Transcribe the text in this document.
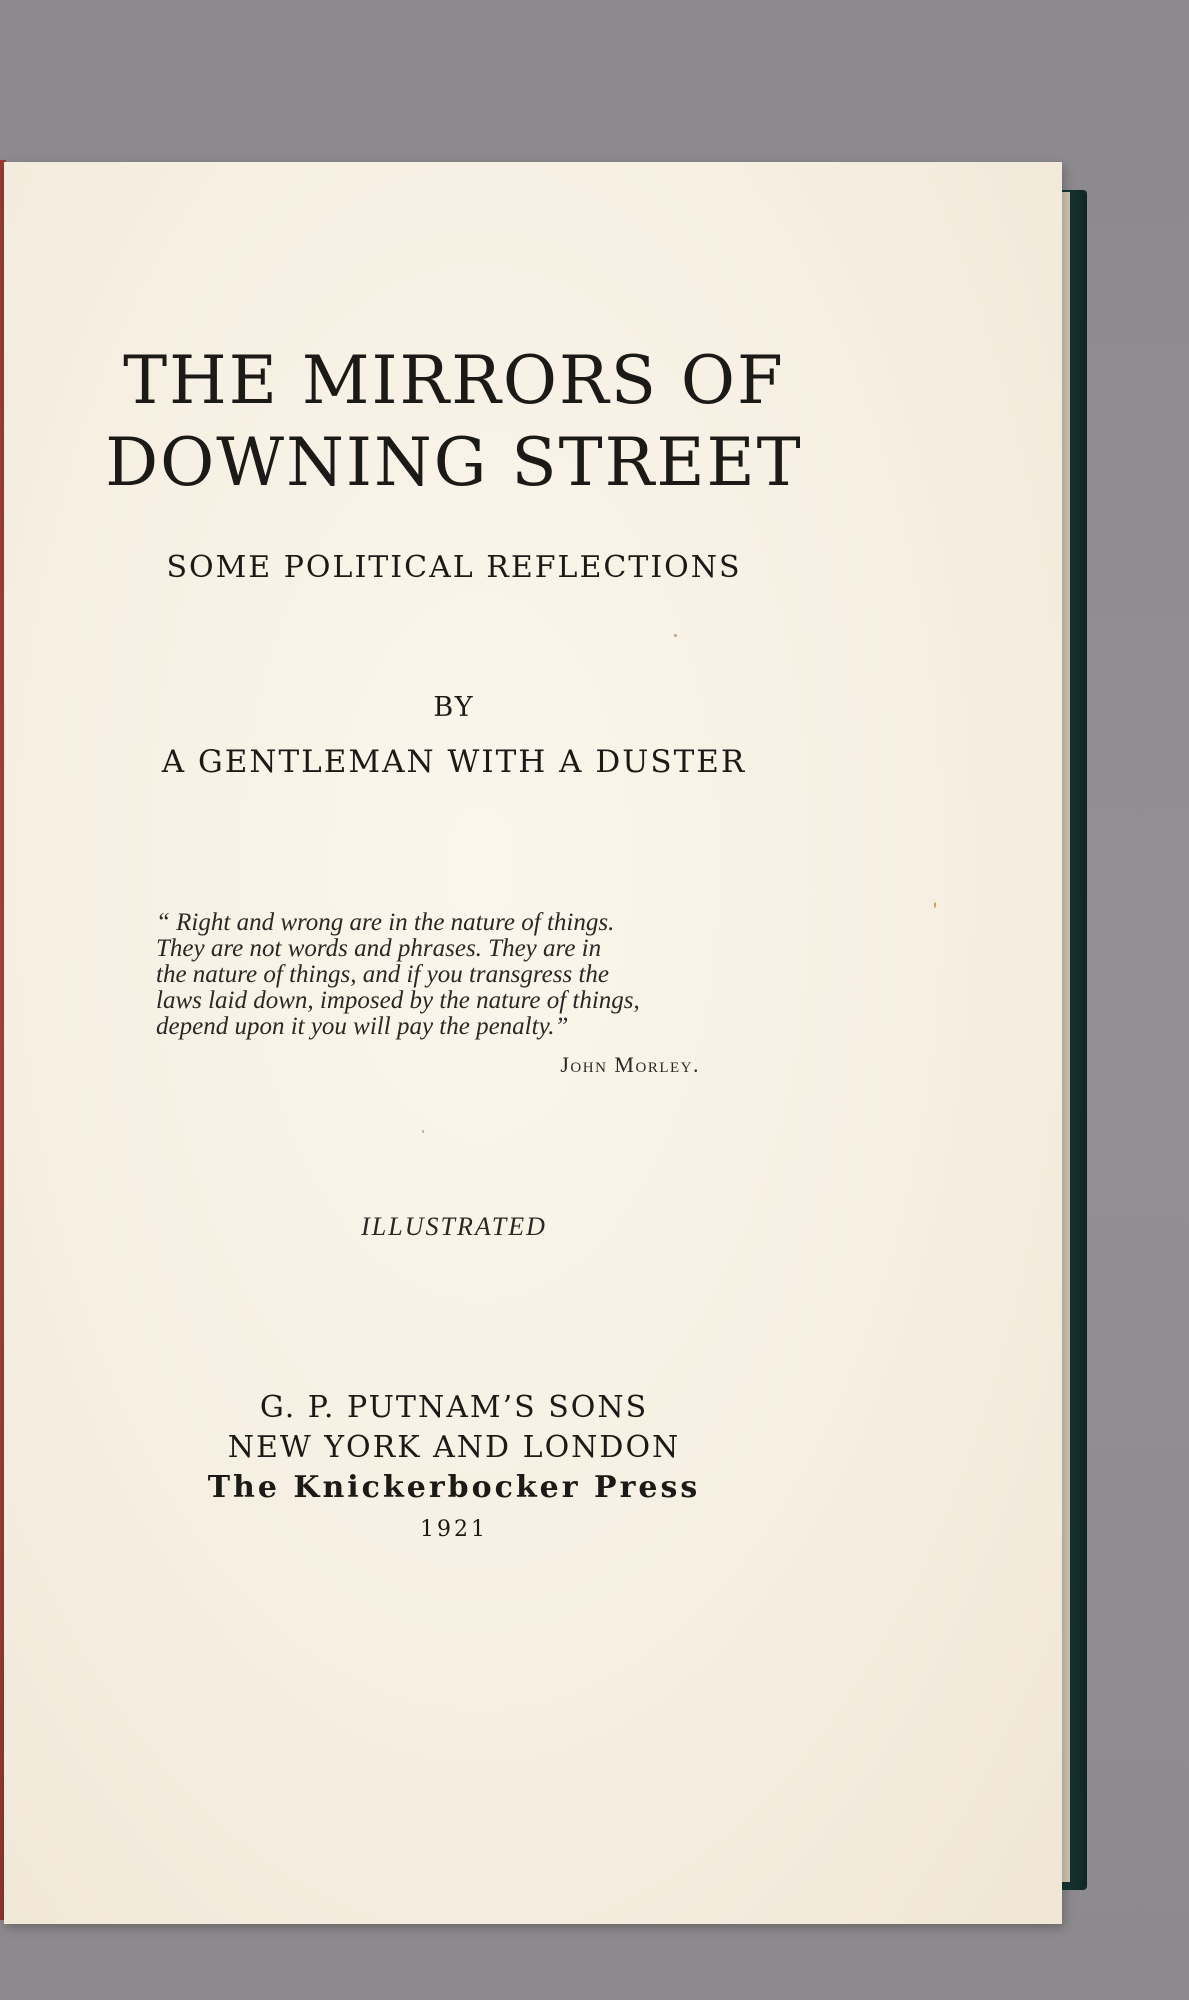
THE MIRRORS OF
DOWNING STREET
SOME POLITICAL REFLECTIONS
BY
A GENTLEMAN WITH A DUSTER
“ Right and wrong are in the nature of things.
They are not words and phrases. They are in
the nature of things, and if you transgress the
laws laid down, imposed by the nature of things,
depend upon it you will pay the penalty.”
John Morley.
ILLUSTRATED
G. P. PUTNAM’S SONS
NEW YORK AND LONDON
The Knickerbocker Press
1921
